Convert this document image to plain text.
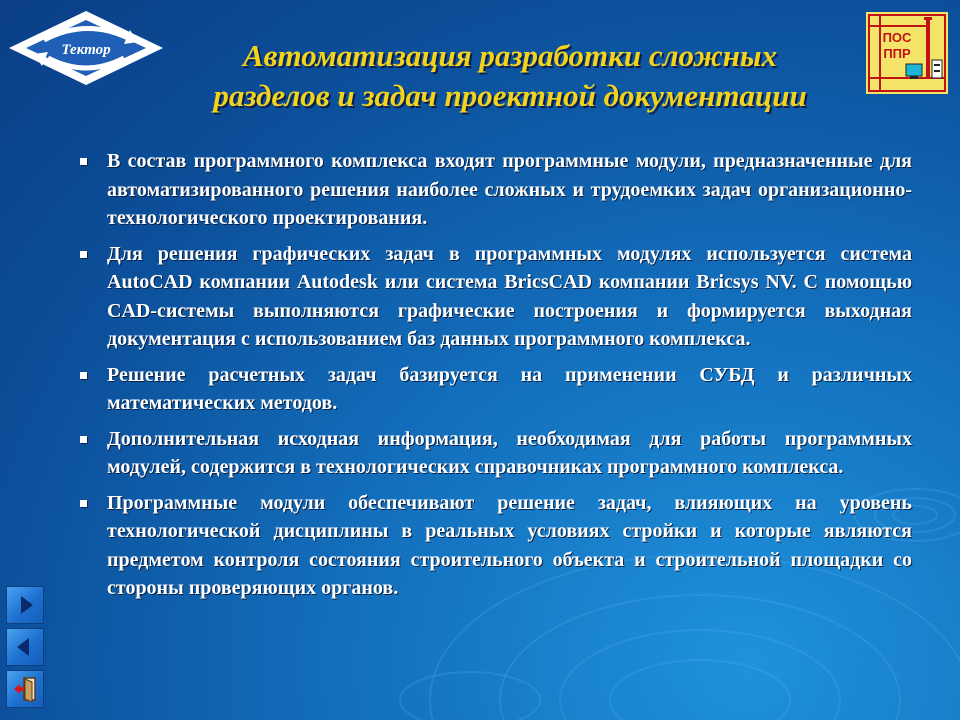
Тектор
ПОС
ППР
Автоматизация разработки сложных
разделов и задач проектной документации
В состав программного комплекса входят программные модули, предназначенные для автоматизированного решения наиболее сложных и трудоемких задач организационно-технологического проектирования.
Для решения графических задач в программных модулях используется система AutoCAD компании Autodesk или система BricsCAD компании Bricsys NV. С помощью CAD-системы выполняются графические построения и формируется выходная документация с использованием баз данных программного комплекса.
Решение расчетных задач базируется на применении СУБД и различных математических методов.
Дополнительная исходная информация, необходимая для работы программных модулей, содержится в технологических справочниках программного комплекса.
Программные модули обеспечивают решение задач, влияющих на уровень технологической дисциплины в реальных условиях стройки и которые являются предметом контроля состояния строительного объекта и строительной площадки со стороны проверяющих органов.
